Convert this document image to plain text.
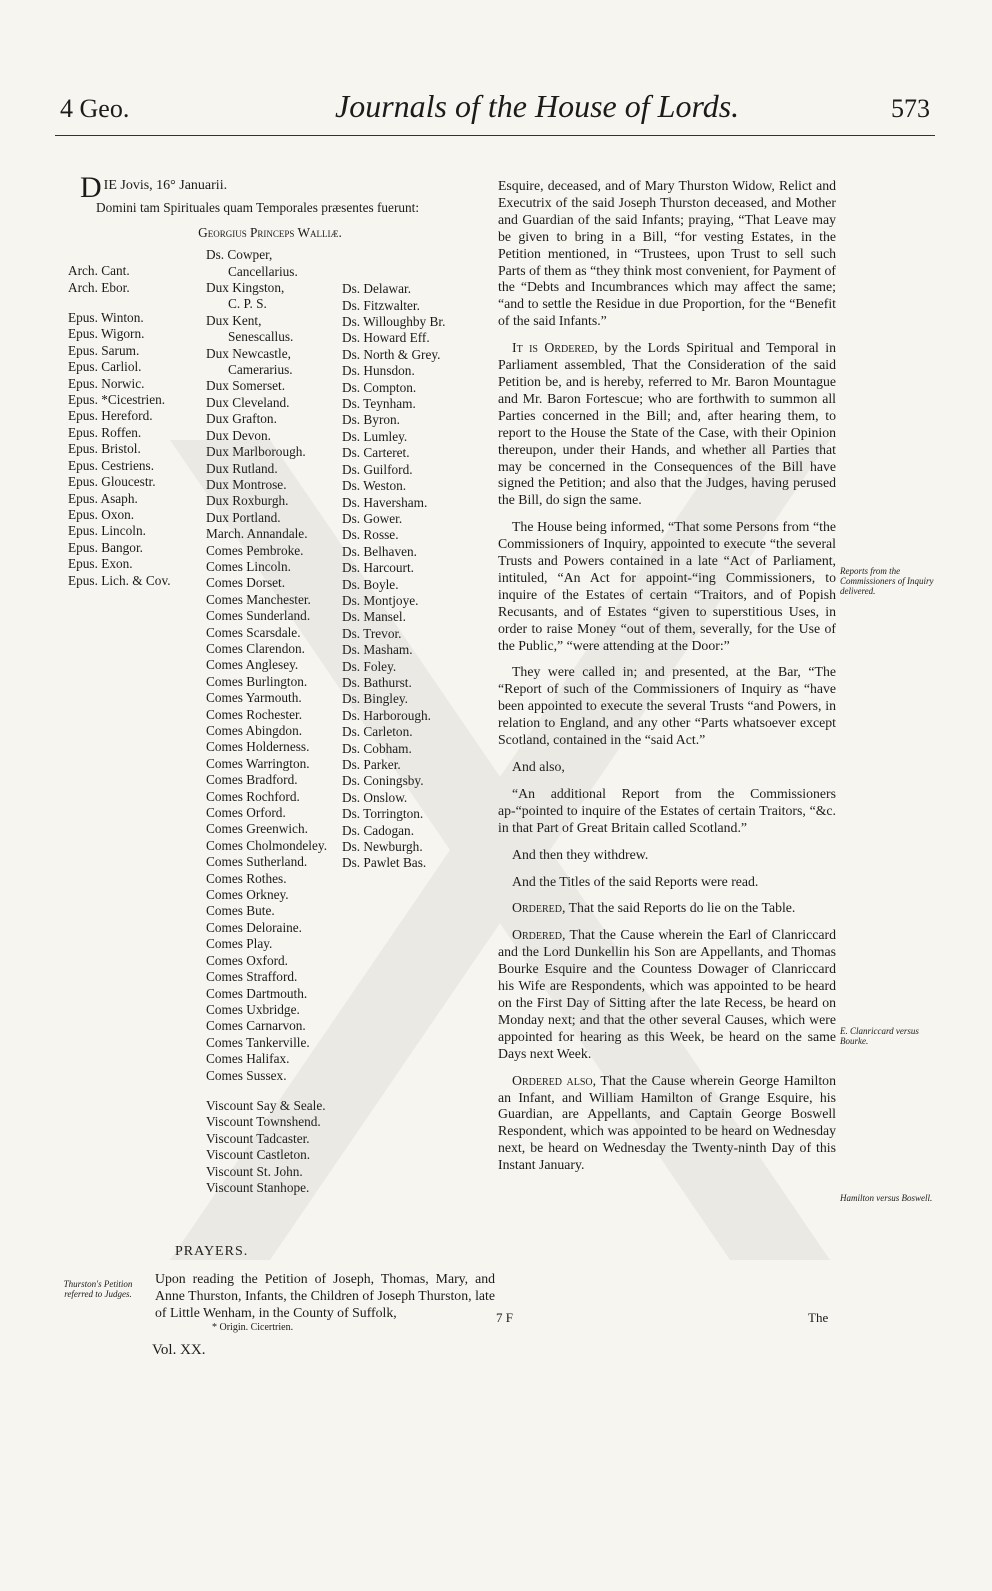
4 Geo.	Journals of the House of Lords.	573
D IE Jovis, 16° Januarii.
Domini tam Spirituales quam Temporales præsentes fuerunt:
Georgius Princeps Walliæ.
Arch. Cant.
Arch. Ebor.
Epus. Winton.
Epus. Wigorn.
Epus. Sarum.
Epus. Carliol.
Epus. Norwic.
Epus. *Cicestrien.
Epus. Hereford.
Epus. Roffen.
Epus. Bristol.
Epus. Cestriens.
Epus. Gloucestr.
Epus. Asaph.
Epus. Oxon.
Epus. Lincoln.
Epus. Bangor.
Epus. Exon.
Epus. Lich. & Cov.
Ds. Cowper,
Cancellarius.
Dux Kingston,
C. P. S.
Dux Kent,
Senescallus.
Dux Newcastle,
Camerarius.
Dux Somerset.
Dux Cleveland.
Dux Grafton.
Dux Devon.
Dux Marlborough.
Dux Rutland.
Dux Montrose.
Dux Roxburgh.
Dux Portland.
March. Annandale.
Comes Pembroke.
Comes Lincoln.
Comes Dorset.
Comes Manchester.
Comes Sunderland.
Comes Scarsdale.
Comes Clarendon.
Comes Anglesey.
Comes Burlington.
Comes Yarmouth.
Comes Rochester.
Comes Abingdon.
Comes Holderness.
Comes Warrington.
Comes Bradford.
Comes Rochford.
Comes Orford.
Comes Greenwich.
Comes Cholmondeley.
Comes Sutherland.
Comes Rothes.
Comes Orkney.
Comes Bute.
Comes Deloraine.
Comes Play.
Comes Oxford.
Comes Strafford.
Comes Dartmouth.
Comes Uxbridge.
Comes Carnarvon.
Comes Tankerville.
Comes Halifax.
Comes Sussex.
Viscount Say & Seale.
Viscount Townshend.
Viscount Tadcaster.
Viscount Castleton.
Viscount St. John.
Viscount Stanhope.
Ds. Delawar.
Ds. Fitzwalter.
Ds. Willoughby Br.
Ds. Howard Eff.
Ds. North & Grey.
Ds. Hunsdon.
Ds. Compton.
Ds. Teynham.
Ds. Byron.
Ds. Lumley.
Ds. Carteret.
Ds. Guilford.
Ds. Weston.
Ds. Haversham.
Ds. Gower.
Ds. Rosse.
Ds. Belhaven.
Ds. Harcourt.
Ds. Boyle.
Ds. Montjoye.
Ds. Mansel.
Ds. Trevor.
Ds. Masham.
Ds. Foley.
Ds. Bathurst.
Ds. Bingley.
Ds. Harborough.
Ds. Carleton.
Ds. Cobham.
Ds. Parker.
Ds. Coningsby.
Ds. Onslow.
Ds. Torrington.
Ds. Cadogan.
Ds. Newburgh.
Ds. Pawlet Bas.
PRAYERS.
Thurston's Petition referred to Judges.
Upon reading the Petition of Joseph, Thomas, Mary, and Anne Thurston, Infants, the Children of Joseph Thurston, late of Little Wenham, in the County of Suffolk,
* Origin. Cicertrien.
Vol. XX.

Esquire, deceased, and of Mary Thurston Widow, Relict and Executrix of the said Joseph Thurston deceased, and Mother and Guardian of the said Infants; praying, “That Leave may be given to bring in a Bill, “for vesting Estates, in the Petition mentioned, in “Trustees, upon Trust to sell such Parts of them as “they think most convenient, for Payment of the “Debts and Incumbrances which may affect the same; “and to settle the Residue in due Proportion, for the “Benefit of the said Infants.”

It is Ordered, by the Lords Spiritual and Temporal in Parliament assembled, That the Consideration of the said Petition be, and is hereby, referred to Mr. Baron Mountague and Mr. Baron Fortescue; who are forthwith to summon all Parties concerned in the Bill; and, after hearing them, to report to the House the State of the Case, with their Opinion thereupon, under their Hands, and whether all Parties that may be concerned in the Consequences of the Bill have signed the Petition; and also that the Judges, having perused the Bill, do sign the same.

The House being informed, “That some Persons from “the Commissioners of Inquiry, appointed to execute “the several Trusts and Powers contained in a late “Act of Parliament, intituled, “An Act for appoint-“ing Commissioners, to inquire of the Estates of certain “Traitors, and of Popish Recusants, and of Estates “given to superstitious Uses, in order to raise Money “out of them, severally, for the Use of the Public,” “were attending at the Door:”

They were called in; and presented, at the Bar, “The “Report of such of the Commissioners of Inquiry as “have been appointed to execute the several Trusts “and Powers, in relation to England, and any other “Parts whatsoever except Scotland, contained in the “said Act.”

And also,

“An additional Report from the Commissioners ap-“pointed to inquire of the Estates of certain Traitors, “&c. in that Part of Great Britain called Scotland.”

And then they withdrew.

And the Titles of the said Reports were read.

Ordered, That the said Reports do lie on the Table.

Ordered, That the Cause wherein the Earl of Clanriccard and the Lord Dunkellin his Son are Appellants, and Thomas Bourke Esquire and the Countess Dowager of Clanriccard his Wife are Respondents, which was appointed to be heard on the First Day of Sitting after the late Recess, be heard on Monday next; and that the other several Causes, which were appointed for hearing as this Week, be heard on the same Days next Week.

Ordered also, That the Cause wherein George Hamilton an Infant, and William Hamilton of Grange Esquire, his Guardian, are Appellants, and Captain George Boswell Respondent, which was appointed to be heard on Wednesday next, be heard on Wednesday the Twenty-ninth Day of this Instant January.

Reports from the Commissioners of Inquiry delivered.
E. Clanriccard versus Bourke.
Hamilton versus Boswell.
7 F	The
